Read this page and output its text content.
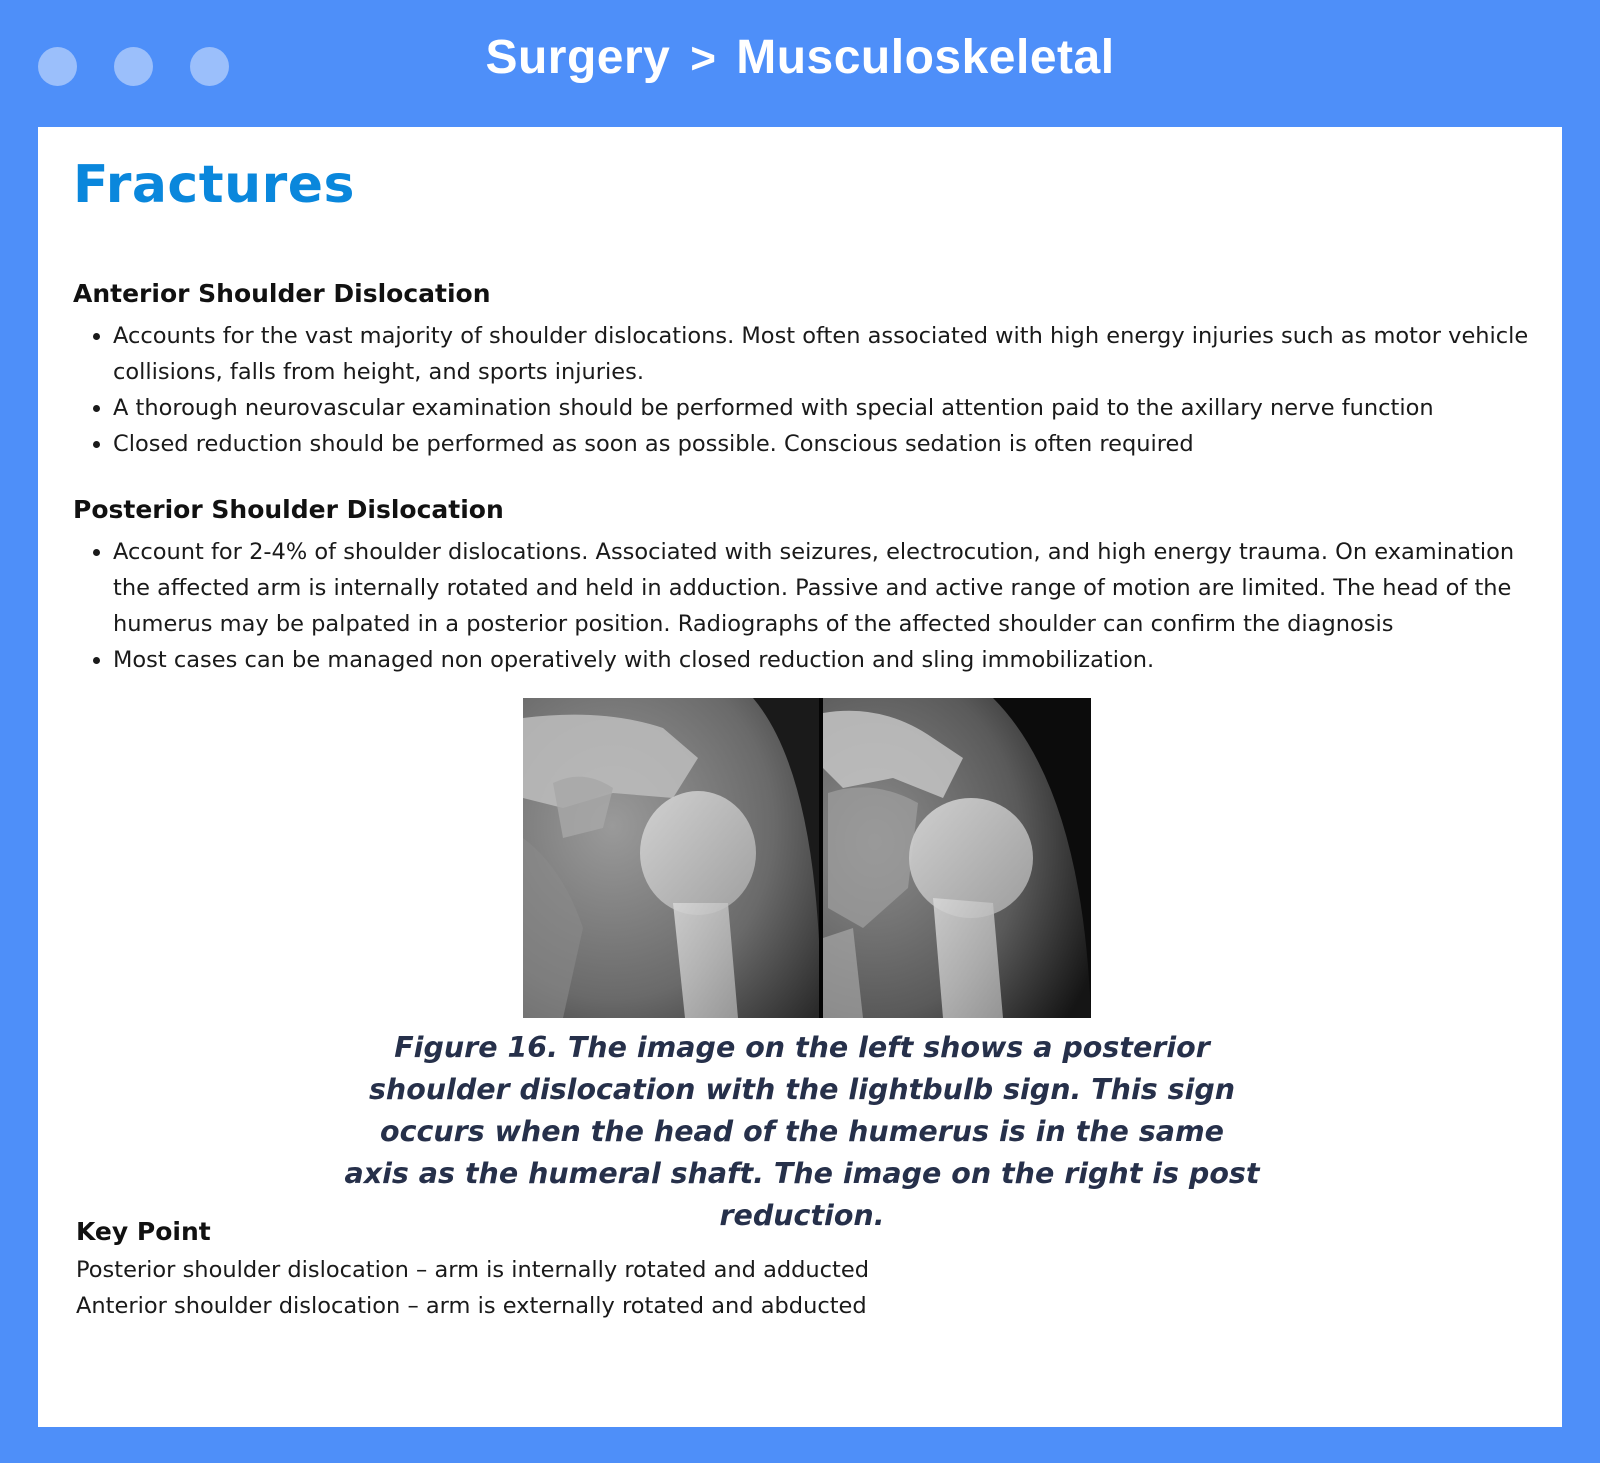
Surgery > Musculoskeletal
Fractures
Anterior Shoulder Dislocation
• Accounts for the vast majority of shoulder dislocations. Most often associated with high energy injuries such as motor vehicle collisions, falls from height, and sports injuries.
• A thorough neurovascular examination should be performed with special attention paid to the axillary nerve function
• Closed reduction should be performed as soon as possible. Conscious sedation is often required
Posterior Shoulder Dislocation
• Account for 2-4% of shoulder dislocations. Associated with seizures, electrocution, and high energy trauma. On examination the affected arm is internally rotated and held in adduction. Passive and active range of motion are limited. The head of the humerus may be palpated in a posterior position. Radiographs of the affected shoulder can confirm the diagnosis
• Most cases can be managed non operatively with closed reduction and sling immobilization.
Figure 16. The image on the left shows a posterior
shoulder dislocation with the lightbulb sign. This sign
occurs when the head of the humerus is in the same
axis as the humeral shaft. The image on the right is post reduction.
Key Point

Posterior shoulder dislocation – arm is internally rotated and adducted

Anterior shoulder dislocation – arm is externally rotated and abducted
